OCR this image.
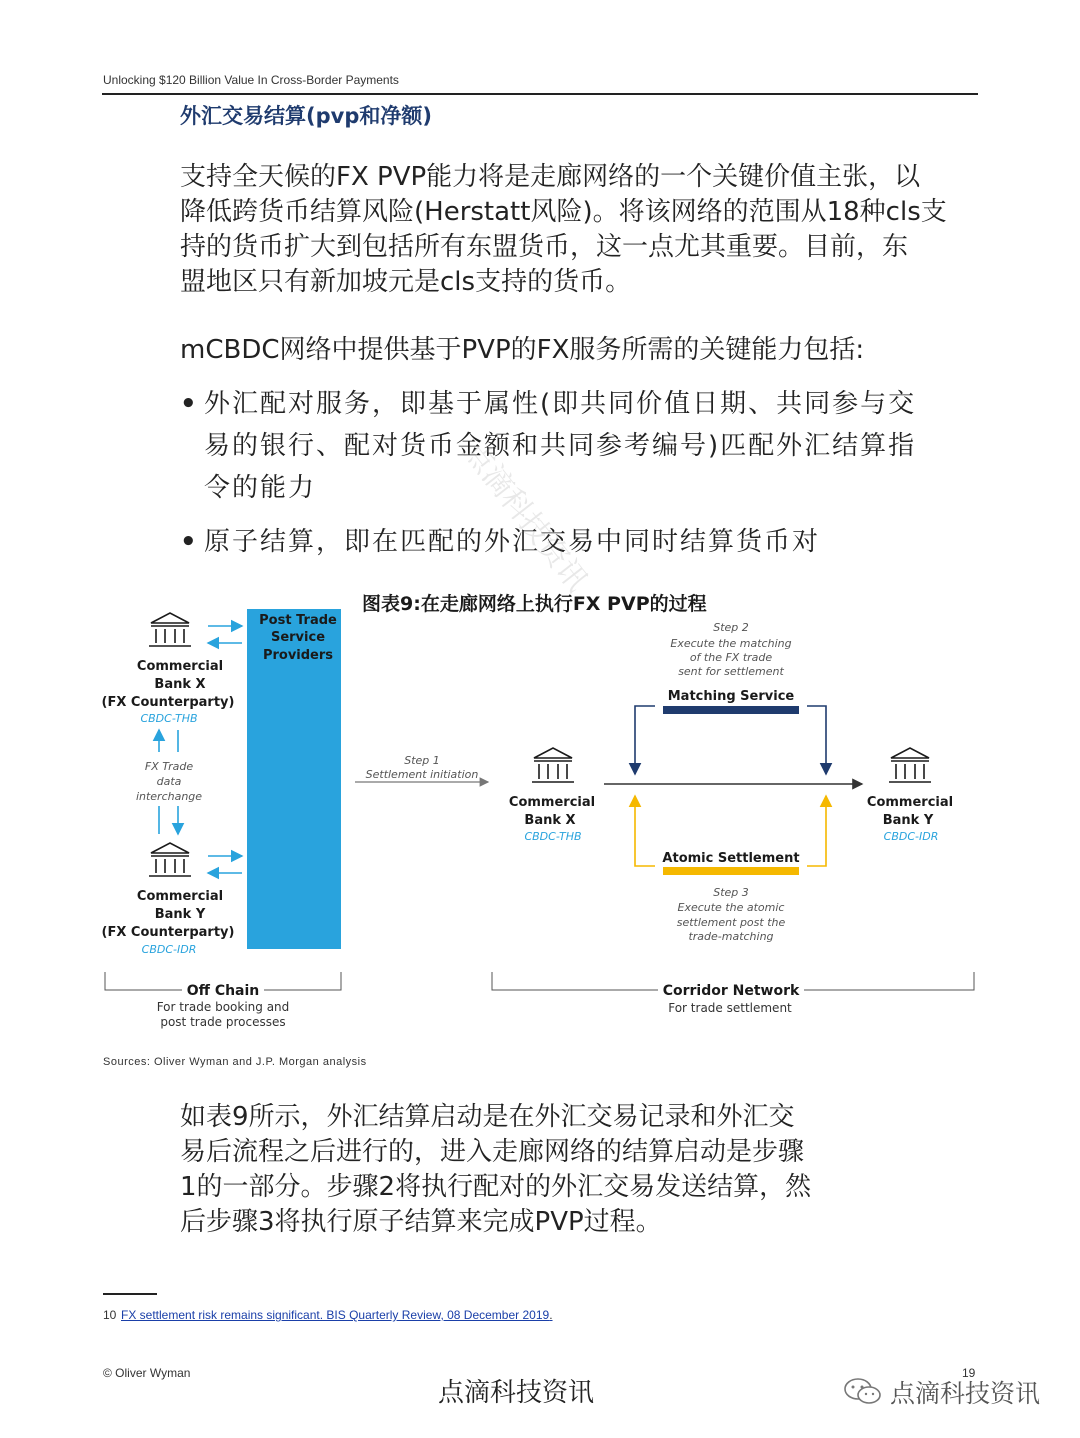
Unlocking $120 Billion Value In Cross-Border Payments
外汇交易结算(pvp和净额)
支持全天候的FX PVP能力将是走廊网络的一个关键价值主张，以
降低跨货币结算风险(Herstatt风险)。将该网络的范围从18种cls支
持的货币扩大到包括所有东盟货币，这一点尤其重要。目前，东
盟地区只有新加坡元是cls支持的货币。
mCBDC网络中提供基于PVP的FX服务所需的关键能力包括:
• 外汇配对服务，即基于属性(即共同价值日期、共同参与交
易的银行、配对货币金额和共同参考编号)匹配外汇结算指
令的能力
• 原子结算，即在匹配的外汇交易中同时结算货币对
图表9:在走廊网络上执行FX PVP的过程
Post Trade
Service
Providers
Commercial
Bank X
(FX Counterparty)
CBDC-THB
FX Trade
data
interchange
Commercial
Bank Y
(FX Counterparty)
CBDC-IDR
Step 1
Settlement initiation
Commercial
Bank X
CBDC-THB
Commercial
Bank Y
CBDC-IDR
Step 2
Execute the matching
of the FX trade
sent for settlement
Matching Service
Atomic Settlement
Step 3
Execute the atomic
settlement post the
trade-matching
Off Chain
For trade booking and
post trade processes
Corridor Network
For trade settlement
Sources: Oliver Wyman and J.P. Morgan analysis
如表9所示，外汇结算启动是在外汇交易记录和外汇交
易后流程之后进行的，进入走廊网络的结算启动是步骤
1的一部分。步骤2将执行配对的外汇交易发送结算，然
后步骤3将执行原子结算来完成PVP过程。
10 FX settlement risk remains significant. BIS Quarterly Review, 08 December 2019.
© Oliver Wyman	19
点滴科技资讯	点滴科技资讯
点滴科技资讯
